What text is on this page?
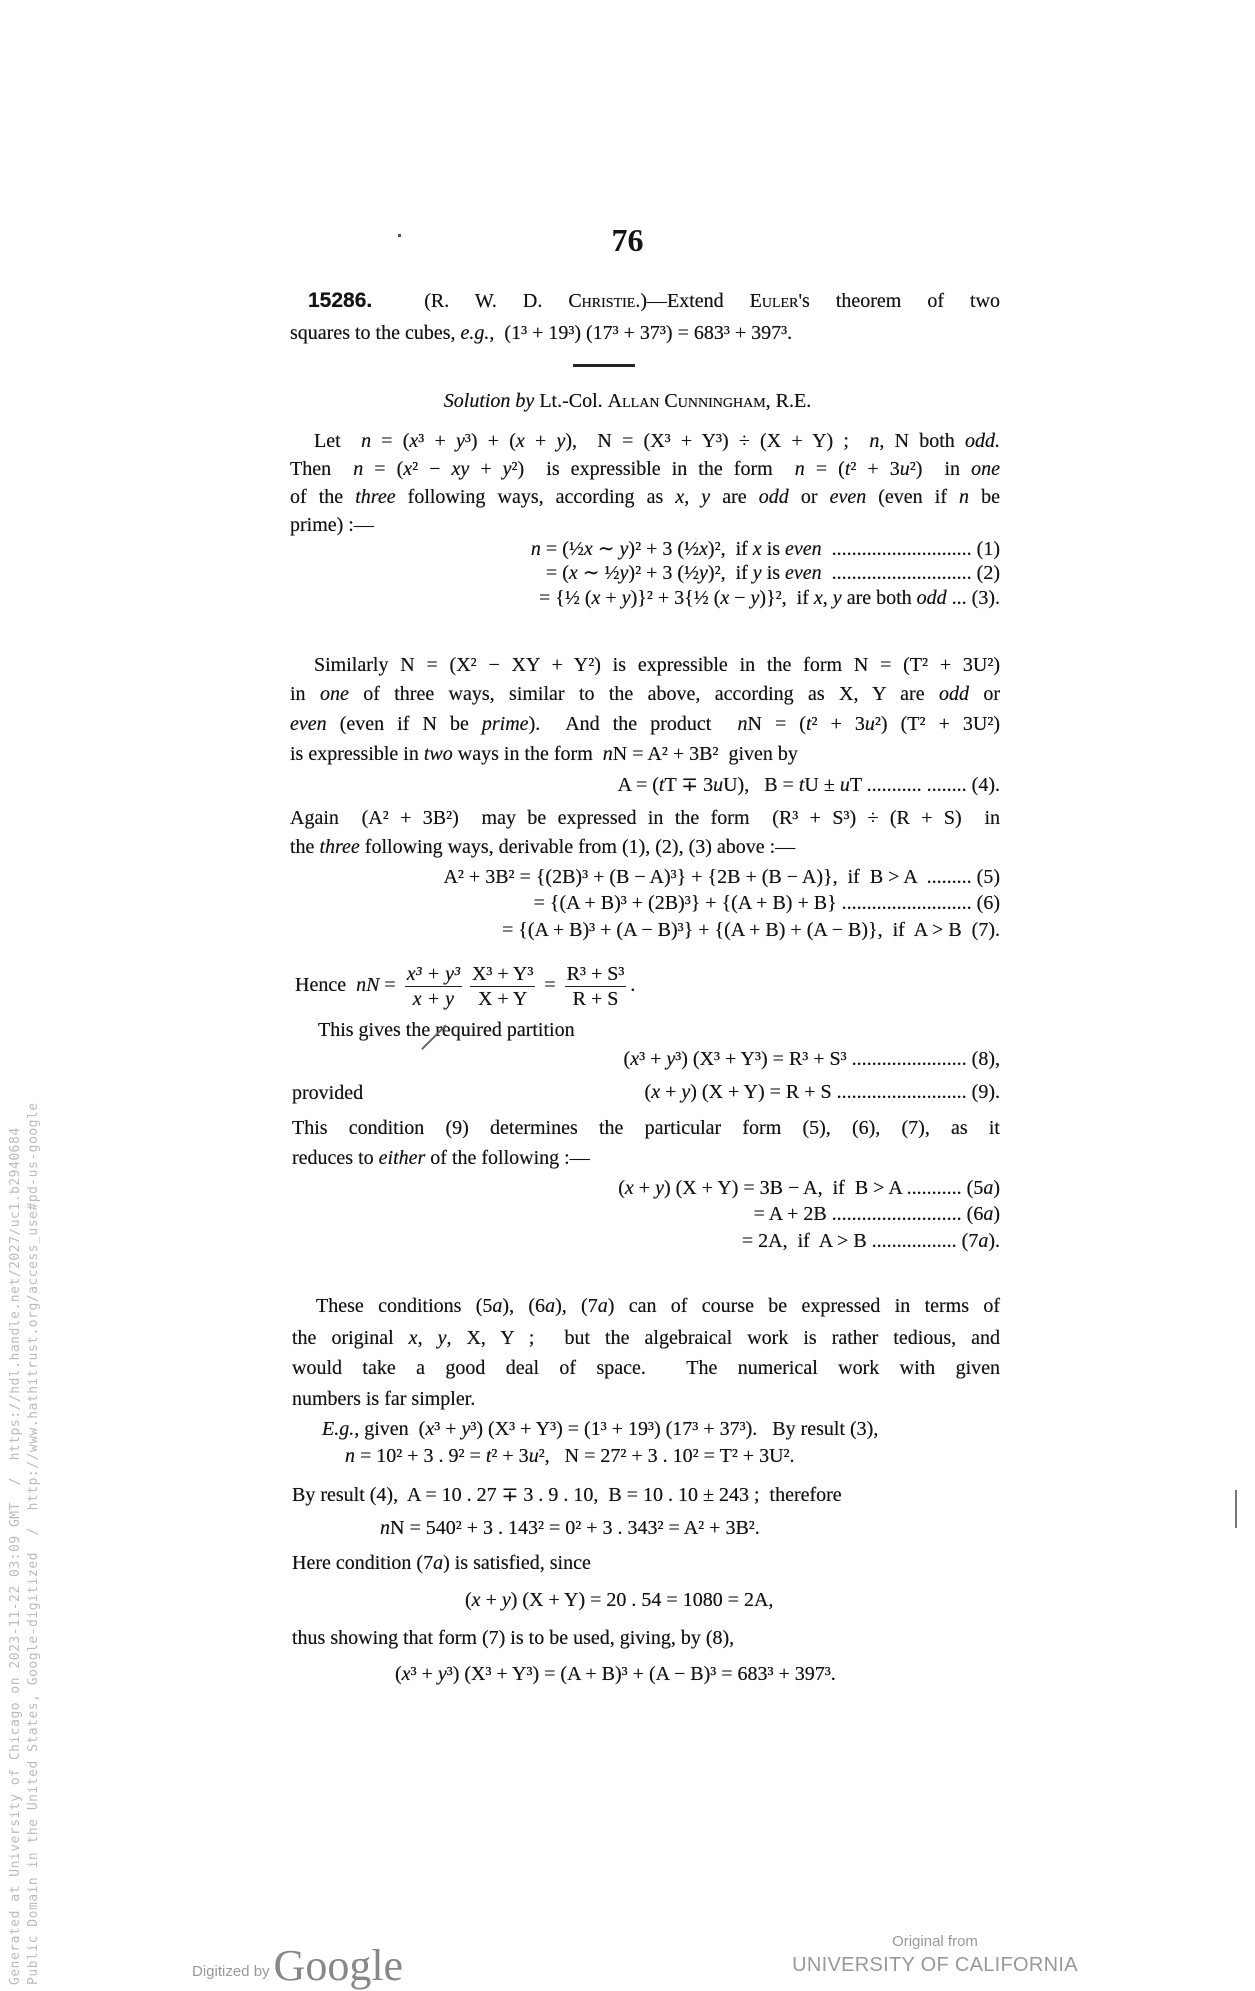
76
15286.  (R. W. D. Christie.)—Extend Euler's theorem of two
squares to the cubes, e.g.,  (1³ + 19³) (17³ + 37³) = 683³ + 397³.
Solution by Lt.-Col. Allan Cunningham, R.E.
Let  n = (x³ + y³) + (x + y),  N = (X³ + Y³) ÷ (X + Y) ;  n, N both odd.
Then  n = (x² − xy + y²)  is expressible in the form  n = (t² + 3u²)  in one
of the three following ways, according as x, y are odd or even (even if n be
prime) :—
n = (½x ∼ y)² + 3 (½x)²,  if x is even  ............................ (1)
= (x ∼ ½y)² + 3 (½y)²,  if y is even  ............................ (2)
= {½ (x + y)}² + 3{½ (x − y)}²,  if x, y are both odd ... (3).
Similarly N = (X² − XY + Y²) is expressible in the form N = (T² + 3U²)
in one of three ways, similar to the above, according as X, Y are odd or
even (even if N be prime).  And the product  nN = (t² + 3u²) (T² + 3U²)
is expressible in two ways in the form  nN = A² + 3B²  given by
A = (tT ∓ 3uU),   B = tU ± uT ........... ........ (4).
Again  (A² + 3B²)  may be expressed in the form  (R³ + S³) ÷ (R + S)  in
the three following ways, derivable from (1), (2), (3) above :—
A² + 3B² = {(2B)³ + (B − A)³} + {2B + (B − A)},  if  B > A  ......... (5)
= {(A + B)³ + (2B)³} + {(A + B) + B} .......................... (6)
= {(A + B)³ + (A − B)³} + {(A + B) + (A − B)},  if  A > B  (7).
This gives the required partition
(x³ + y³) (X³ + Y³) = R³ + S³ ....................... (8),
provided	(x + y) (X + Y) = R + S .......................... (9).
This condition (9) determines the particular form (5), (6), (7), as it
reduces to either of the following :—
(x + y) (X + Y) = 3B − A,  if  B > A ........... (5a)
= A + 2B .......................... (6a)
= 2A,  if  A > B ................. (7a).
These conditions (5a), (6a), (7a) can of course be expressed in terms of
the original x, y, X, Y ;  but the algebraical work is rather tedious, and
would take a good deal of space.  The numerical work with given
numbers is far simpler.
E.g., given  (x³ + y³) (X³ + Y³) = (1³ + 19³) (17³ + 37³).   By result (3),
n = 10² + 3 . 9² = t² + 3u²,   N = 27² + 3 . 10² = T² + 3U².
By result (4),  A = 10 . 27 ∓ 3 . 9 . 10,  B = 10 . 10 ± 243 ;  therefore
nN = 540² + 3 . 143² = 0² + 3 . 343² = A² + 3B².
Here condition (7a) is satisfied, since
(x + y) (X + Y) = 20 . 54 = 1080 = 2A,
thus showing that form (7) is to be used, giving, by (8),
(x³ + y³) (X³ + Y³) = (A + B)³ + (A − B)³ = 683³ + 397³.
Hence  nN = $\frac{\text{x³ + y³}}{x + y} \frac{\text{X³ + Y³}}{X + Y} = \frac{\text{R³ + S³}}{R + S}$ .
Generated at University of Chicago on 2023-11-22 03:09 GMT  /  https://hdl.handle.net/2027/uc1.b2940684 Public Domain in the United States, Google-digitized  /  http://www.hathitrust.org/access_use#pd-us-google	Digitized byGoogle	Original from
UNIVERSITY OF CALIFORNIA
